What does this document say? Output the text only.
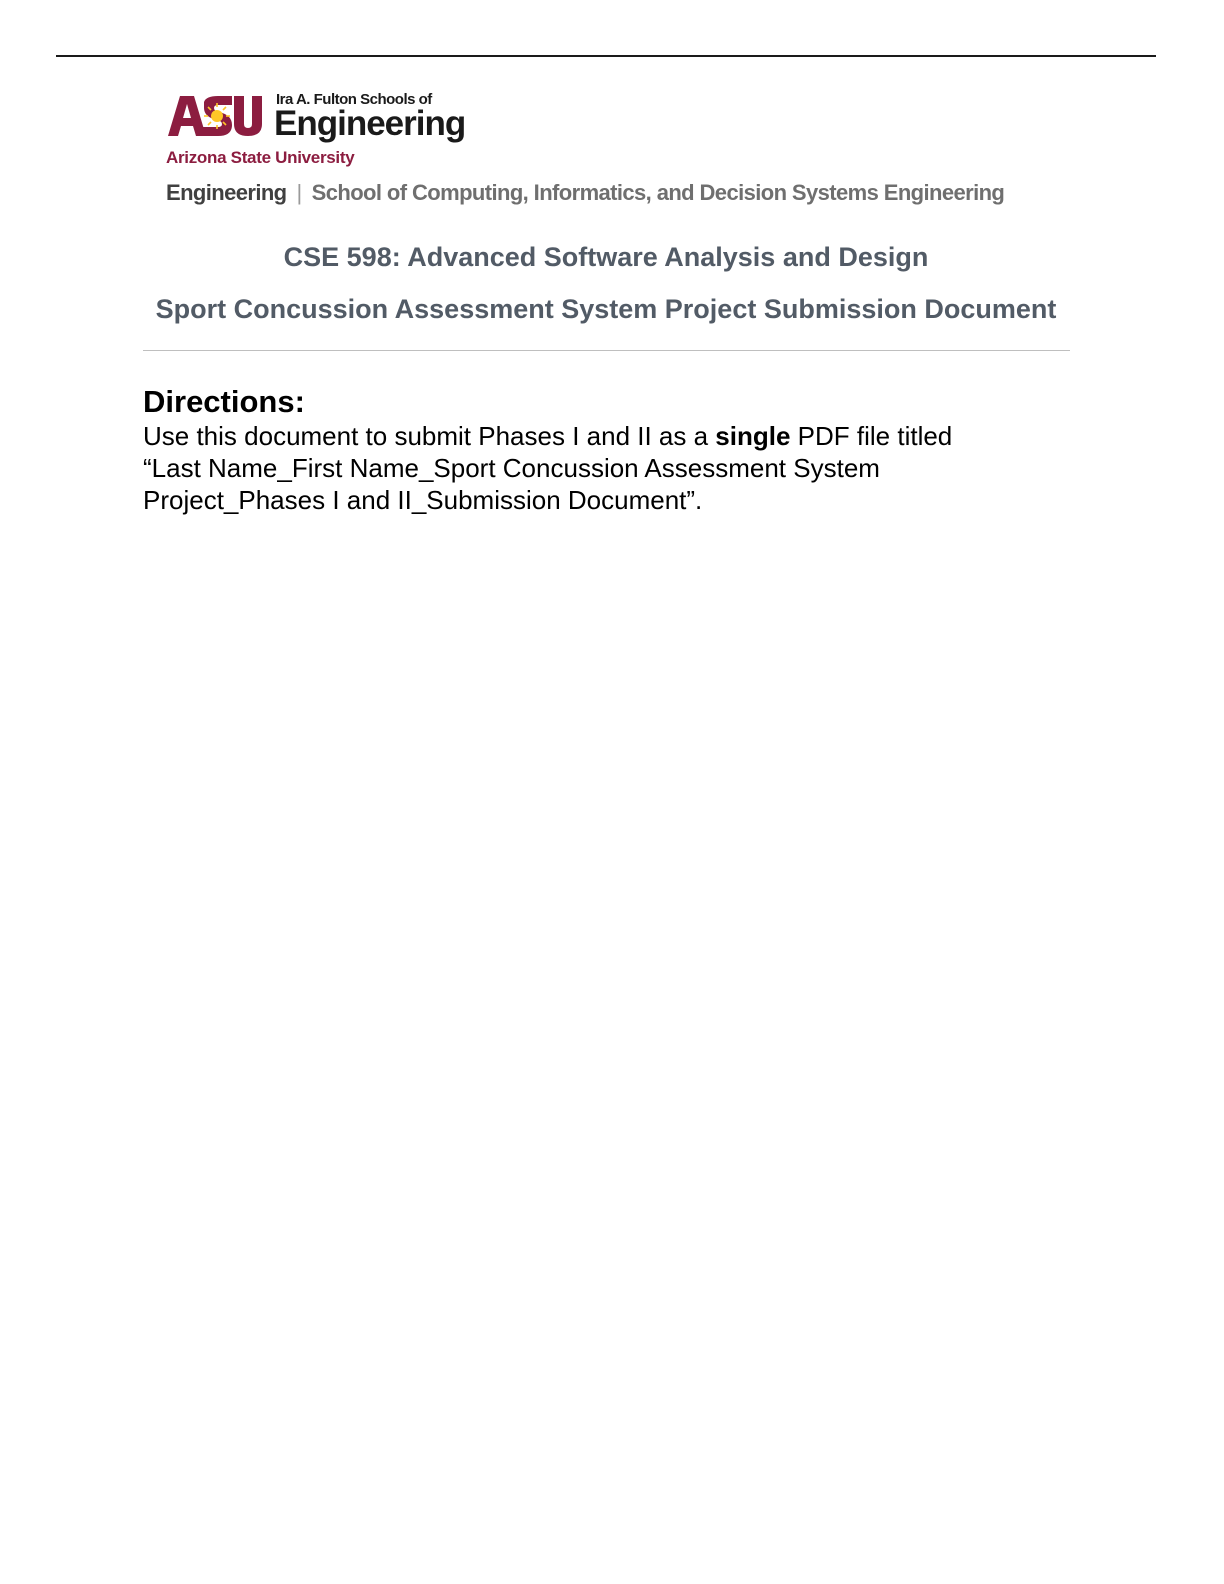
Ira A. Fulton Schools of
Engineering
Arizona State University
Engineering | School of Computing, Informatics, and Decision Systems Engineering
CSE 598: Advanced Software Analysis and Design
Sport Concussion Assessment System Project Submission Document
Directions:
Use this document to submit Phases I and II as a single PDF file titled
“Last Name_First Name_Sport Concussion Assessment System
Project_Phases I and II_Submission Document”.
